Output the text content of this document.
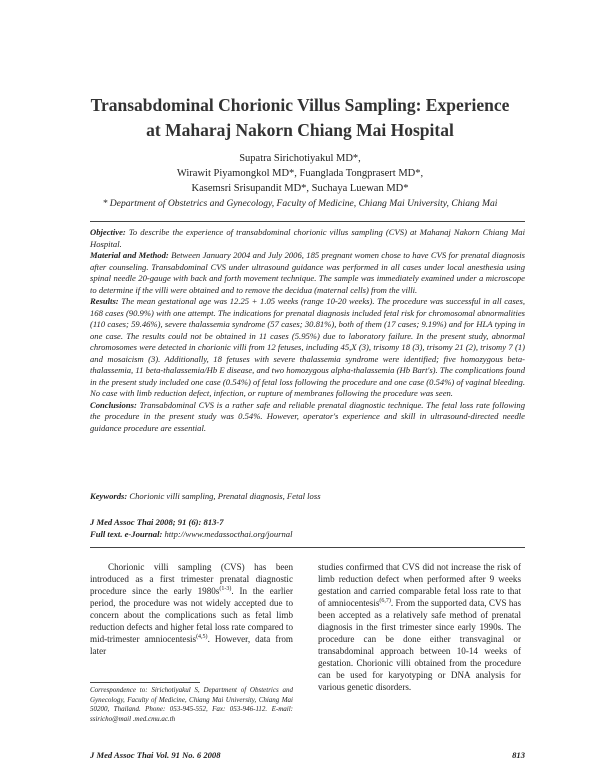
Transabdominal Chorionic Villus Sampling: Experience
at Maharaj Nakorn Chiang Mai Hospital
Supatra Sirichotiyakul MD*,
Wirawit Piyamongkol MD*, Fuanglada Tongprasert MD*,
Kasemsri Srisupandit MD*, Suchaya Luewan MD*
* Department of Obstetrics and Gynecology, Faculty of Medicine, Chiang Mai University, Chiang Mai

Objective: To describe the experience of transabdominal chorionic villus sampling (CVS) at Mahanaj Nakorn Chiang Mai Hospital.

Material and Method: Between January 2004 and July 2006, 185 pregnant women chose to have CVS for prenatal diagnosis after counseling. Transabdominal CVS under ultrasound guidance was performed in all cases under local anesthesia using spinal needle 20-gauge with back and forth movement technique. The sample was immediately examined under a microscope to determine if the villi were obtained and to remove the decidua (maternal cells) from the villi.

Results: The mean gestational age was 12.25 + 1.05 weeks (range 10-20 weeks). The procedure was successful in all cases, 168 cases (90.9%) with one attempt. The indications for prenatal diagnosis included fetal risk for chromosomal abnormalities (110 cases; 59.46%), severe thalassemia syndrome (57 cases; 30.81%), both of them (17 cases; 9.19%) and for HLA typing in one case. The results could not be obtained in 11 cases (5.95%) due to laboratory failure. In the present study, abnormal chromosomes were detected in chorionic villi from 12 fetuses, including 45,X (3), trisomy 18 (3), trisomy 21 (2), trisomy 7 (1) and mosaicism (3). Additionally, 18 fetuses with severe thalassemia syndrome were identified; five homozygous beta-thalassemia, 11 beta-thalassemia/Hb E disease, and two homozygous alpha-thalassemia (Hb Bart's). The complications found in the present study included one case (0.54%) of fetal loss following the procedure and one case (0.54%) of vaginal bleeding. No case with limb reduction defect, infection, or rupture of membranes following the procedure was seen.

Conclusions: Transabdominal CVS is a rather safe and reliable prenatal diagnostic technique. The fetal loss rate following the procedure in the present study was 0.54%. However, operator's experience and skill in ultrasound-directed needle guidance procedure are essential.

Keywords: Chorionic villi sampling, Prenatal diagnosis, Fetal loss
J Med Assoc Thai 2008; 91 (6): 813-7
Full text. e-Journal: http://www.medassocthai.org/journal
Chorionic villi sampling (CVS) has been introduced as a first trimester prenatal diagnostic procedure since the early $1980s^{(1-3)}$. In the earlier period, the procedure was not widely accepted due to concern about the complications such as fetal limb reduction defects and higher fetal loss rate compared to mid-trimester amniocentesis$^{(4,5)}$. However, data from later
studies confirmed that CVS did not increase the risk of limb reduction defect when performed after 9 weeks gestation and carried comparable fetal loss rate to that of amniocentesis$^{(6,7)}$. From the supported data, CVS has been accepted as a relatively safe method of prenatal diagnosis in the first trimester since early 1990s. The procedure can be done either transvaginal or transabdominal approach between 10-14 weeks of gestation. Chorionic villi obtained from the procedure can be used for karyotyping or DNA analysis for various genetic disorders.
Correspondence to: Sirichotiyakul S, Department of Obstetrics and Gynecology, Faculty of Medicine, Chiang Mai University, Chiang Mai 50200, Thailand. Phone: 053-945-552, Fax: 053-946-112. E-mail: ssiricho@mail .med.cmu.ac.th
J Med Assoc Thai Vol. 91 No. 6 2008	813
